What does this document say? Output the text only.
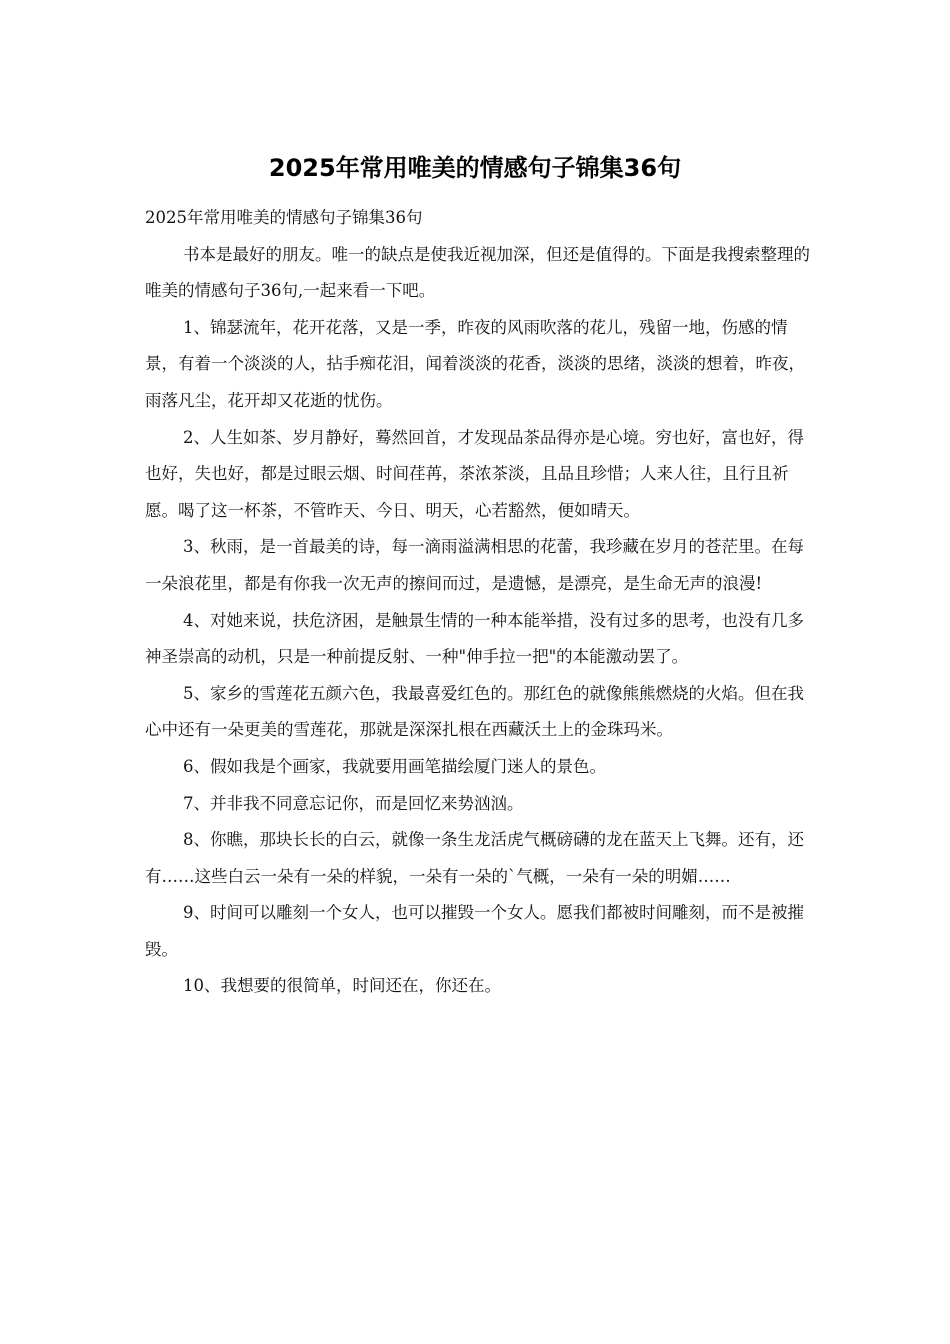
2025年常用唯美的情感句子锦集36句

2025年常用唯美的情感句子锦集36句

书本是最好的朋友。唯一的缺点是使我近视加深，但还是值得的。下面是我搜索整理的唯美的情感句子36句,一起来看一下吧。

1、锦瑟流年，花开花落，又是一季，昨夜的风雨吹落的花儿，残留一地，伤感的情景，有着一个淡淡的人，拈手痴花泪，闻着淡淡的花香，淡淡的思绪，淡淡的想着，昨夜，雨落凡尘，花开却又花逝的忧伤。

2、人生如茶、岁月静好，蓦然回首，才发现品茶品得亦是心境。穷也好，富也好，得也好，失也好，都是过眼云烟、时间荏苒，茶浓茶淡，且品且珍惜；人来人往，且行且祈愿。喝了这一杯茶，不管昨天、今日、明天，心若豁然，便如晴天。

3、秋雨，是一首最美的诗，每一滴雨溢满相思的花蕾，我珍藏在岁月的苍茫里。在每一朵浪花里，都是有你我一次无声的擦间而过，是遗憾，是漂亮，是生命无声的浪漫!

4、对她来说，扶危济困，是触景生情的一种本能举措，没有过多的思考，也没有几多神圣崇高的动机，只是一种前提反射、一种"伸手拉一把"的本能激动罢了。

5、家乡的雪莲花五颜六色，我最喜爱红色的。那红色的就像熊熊燃烧的火焰。但在我心中还有一朵更美的雪莲花，那就是深深扎根在西藏沃土上的金珠玛米。

6、假如我是个画家，我就要用画笔描绘厦门迷人的景色。

7、并非我不同意忘记你，而是回忆来势汹汹。

8、你瞧，那块长长的白云，就像一条生龙活虎气概磅礴的龙在蓝天上飞舞。还有，还有……这些白云一朵有一朵的样貌，一朵有一朵的`气概，一朵有一朵的明媚……

9、时间可以雕刻一个女人，也可以摧毁一个女人。愿我们都被时间雕刻，而不是被摧毁。

10、我想要的很简单，时间还在，你还在。
